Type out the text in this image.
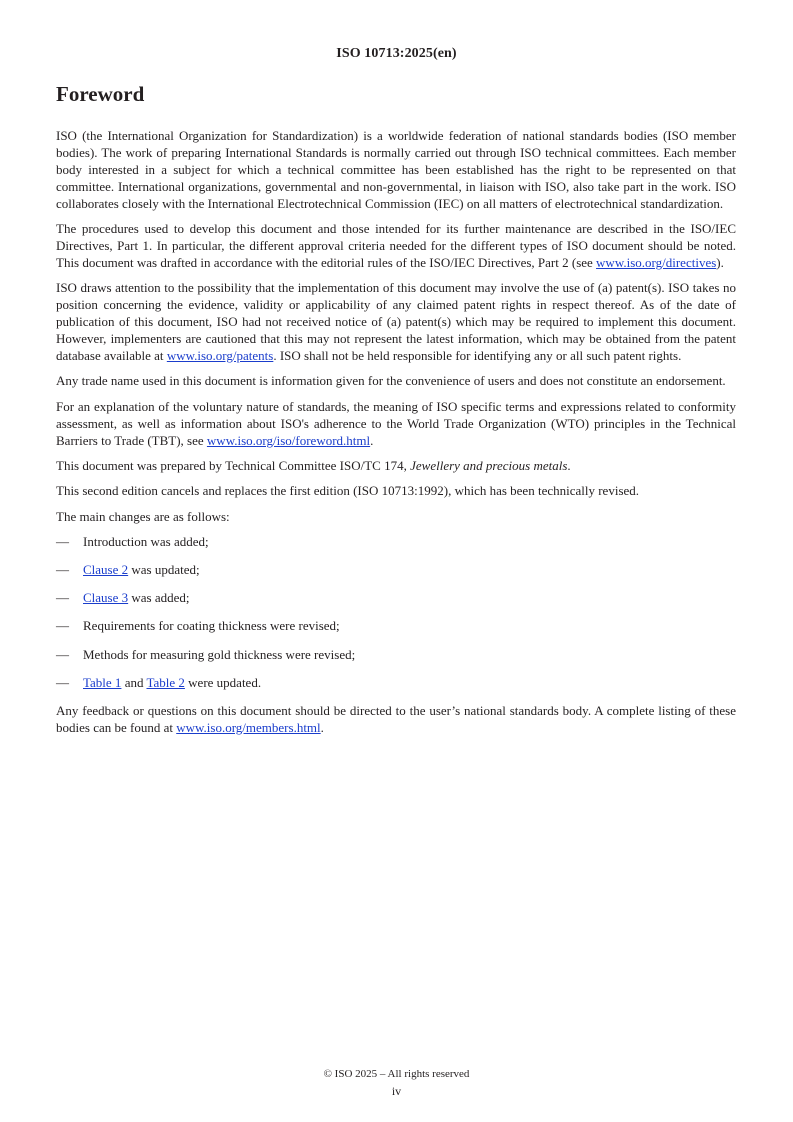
ISO 10713:2025(en)
Foreword

ISO (the International Organization for Standardization) is a worldwide federation of national standards bodies (ISO member bodies). The work of preparing International Standards is normally carried out through ISO technical committees. Each member body interested in a subject for which a technical committee has been established has the right to be represented on that committee. International organizations, governmental and non-governmental, in liaison with ISO, also take part in the work. ISO collaborates closely with the International Electrotechnical Commission (IEC) on all matters of electrotechnical standardization.

The procedures used to develop this document and those intended for its further maintenance are described in the ISO/IEC Directives, Part 1. In particular, the different approval criteria needed for the different types of ISO document should be noted. This document was drafted in accordance with the editorial rules of the ISO/IEC Directives, Part 2 (see www.iso.org/directives).

ISO draws attention to the possibility that the implementation of this document may involve the use of (a) patent(s). ISO takes no position concerning the evidence, validity or applicability of any claimed patent rights in respect thereof. As of the date of publication of this document, ISO had not received notice of (a) patent(s) which may be required to implement this document. However, implementers are cautioned that this may not represent the latest information, which may be obtained from the patent database available at www.iso.org/patents. ISO shall not be held responsible for identifying any or all such patent rights.

Any trade name used in this document is information given for the convenience of users and does not constitute an endorsement.

For an explanation of the voluntary nature of standards, the meaning of ISO specific terms and expressions related to conformity assessment, as well as information about ISO's adherence to the World Trade Organization (WTO) principles in the Technical Barriers to Trade (TBT), see www.iso.org/iso/foreword.html.

This document was prepared by Technical Committee ISO/TC 174, Jewellery and precious metals.

This second edition cancels and replaces the first edition (ISO 10713:1992), which has been technically revised.

The main changes are as follows:

— Introduction was added;
— Clause 2 was updated;
— Clause 3 was added;
— Requirements for coating thickness were revised;
— Methods for measuring gold thickness were revised;
— Table 1 and Table 2 were updated.

Any feedback or questions on this document should be directed to the user’s national standards body. A complete listing of these bodies can be found at www.iso.org/members.html.

© ISO 2025 – All rights reserved
iv
